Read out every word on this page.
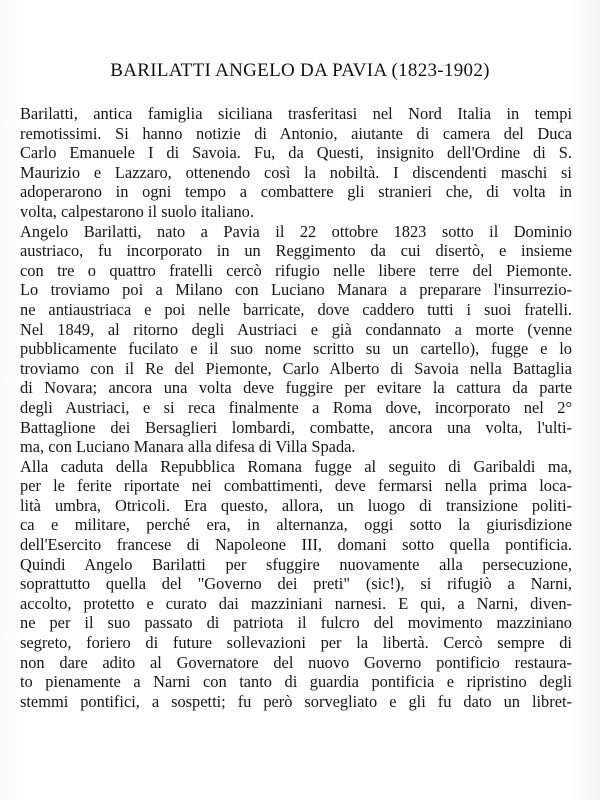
BARILATTI ANGELO DA PAVIA (1823-1902)
Barilatti, antica famiglia siciliana trasferitasi nel Nord Italia in tempi
remotissimi. Si hanno notizie di Antonio, aiutante di camera del Duca
Carlo Emanuele I di Savoia. Fu, da Questi, insignito dell'Ordine di S.
Maurizio e Lazzaro, ottenendo così la nobiltà. I discendenti maschi si
adoperarono in ogni tempo a combattere gli stranieri che, di volta in
volta, calpestarono il suolo italiano.
Angelo Barilatti, nato a Pavia il 22 ottobre 1823 sotto il Dominio
austriaco, fu incorporato in un Reggimento da cui disertò, e insieme
con tre o quattro fratelli cercò rifugio nelle libere terre del Piemonte.
Lo troviamo poi a Milano con Luciano Manara a preparare l'insurrezio-
ne antiaustriaca e poi nelle barricate, dove caddero tutti i suoi fratelli.
Nel 1849, al ritorno degli Austriaci e già condannato a morte (venne
pubblicamente fucilato e il suo nome scritto su un cartello), fugge e lo
troviamo con il Re del Piemonte, Carlo Alberto di Savoia nella Battaglia
di Novara; ancora una volta deve fuggire per evitare la cattura da parte
degli Austriaci, e si reca finalmente a Roma dove, incorporato nel 2°
Battaglione dei Bersaglieri lombardi, combatte, ancora una volta, l'ulti-
ma, con Luciano Manara alla difesa di Villa Spada.
Alla caduta della Repubblica Romana fugge al seguito di Garibaldi ma,
per le ferite riportate nei combattimenti, deve fermarsi nella prima loca-
lità umbra, Otricoli. Era questo, allora, un luogo di transizione politi-
ca e militare, perché era, in alternanza, oggi sotto la giurisdizione
dell'Esercito francese di Napoleone III, domani sotto quella pontificia.
Quindi Angelo Barilatti per sfuggire nuovamente alla persecuzione,
soprattutto quella del "Governo dei preti" (sic!), si rifugiò a Narni,
accolto, protetto e curato dai mazziniani narnesi. E qui, a Narni, diven-
ne per il suo passato di patriota il fulcro del movimento mazziniano
segreto, foriero di future sollevazioni per la libertà. Cercò sempre di
non dare adito al Governatore del nuovo Governo pontificio restaura-
to pienamente a Narni con tanto di guardia pontificia e ripristino degli
stemmi pontifici, a sospetti; fu però sorvegliato e gli fu dato un libret-
